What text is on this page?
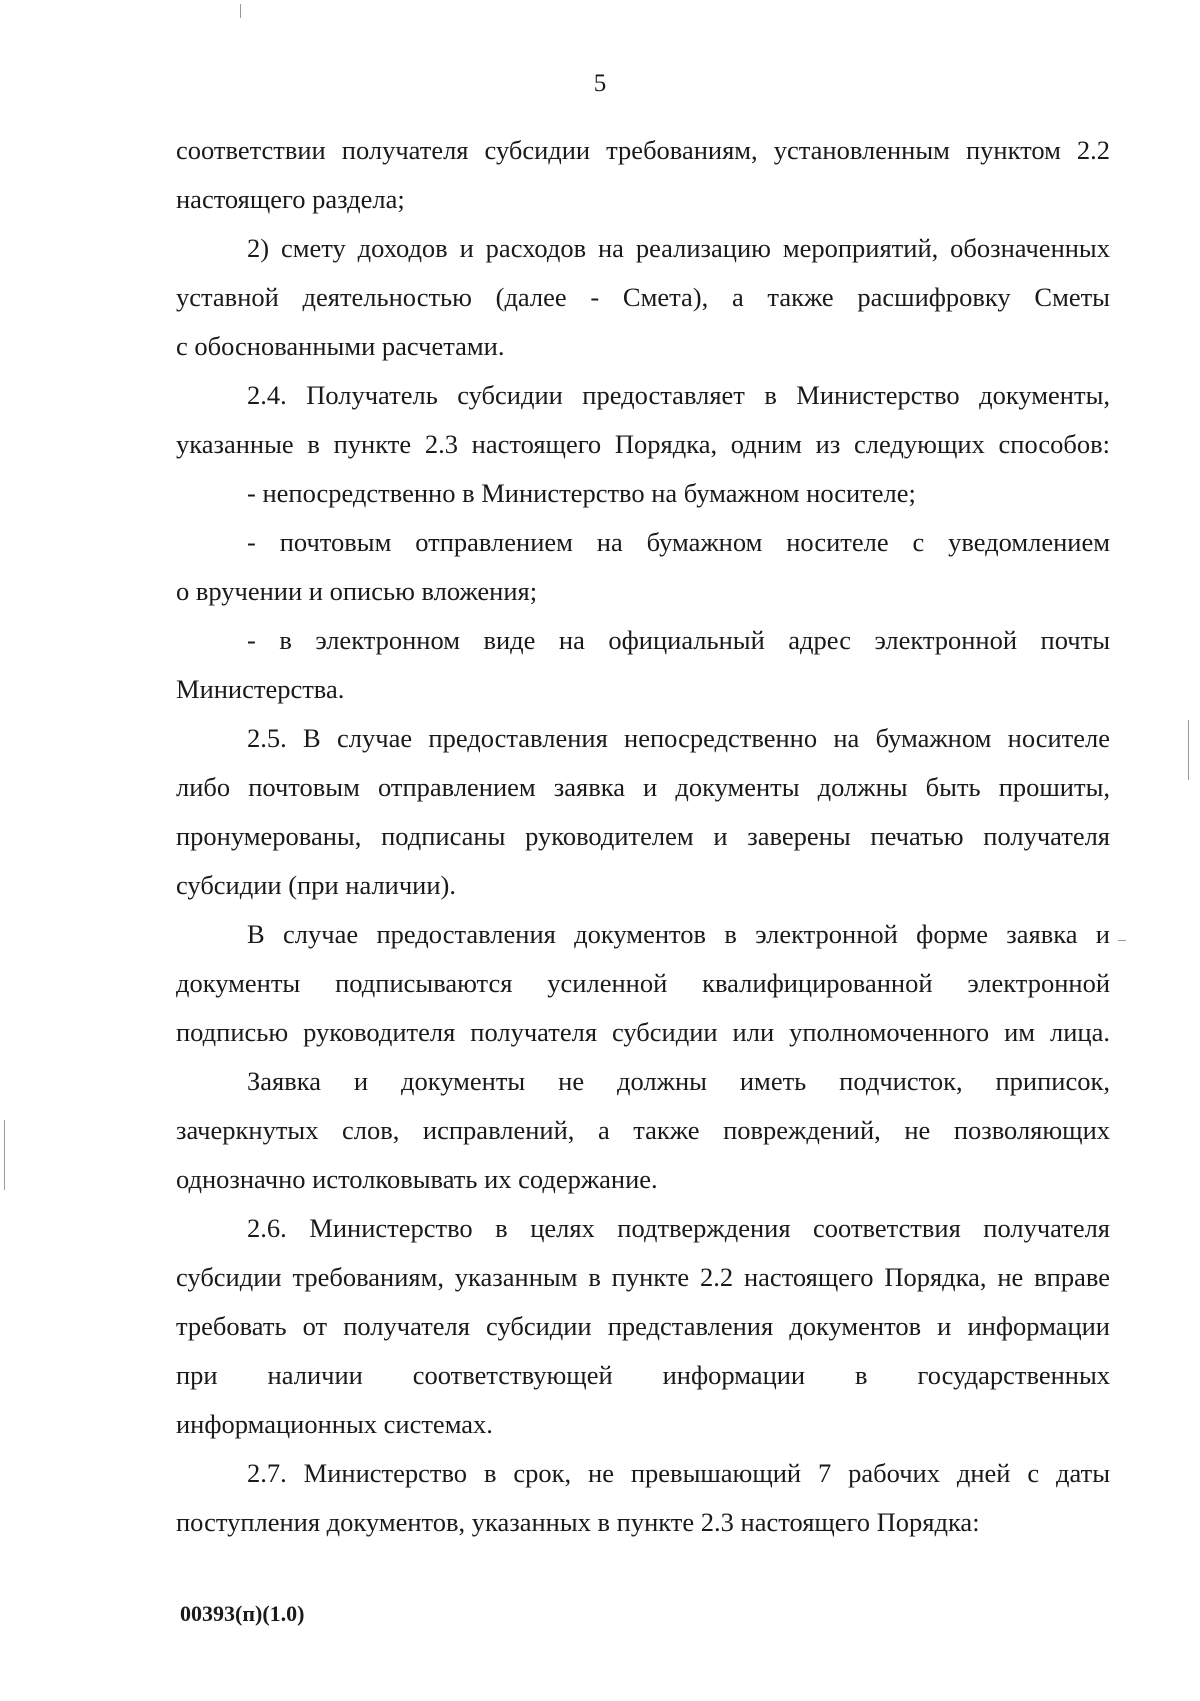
5
соответствии получателя субсидии требованиям, установленным пунктом 2.2
настоящего раздела;
2) смету доходов и расходов на реализацию мероприятий, обозначенных
уставной деятельностью (далее - Смета), а также расшифровку Сметы
с обоснованными расчетами.
2.4. Получатель субсидии предоставляет в Министерство документы,
указанные в пункте 2.3 настоящего Порядка, одним из следующих способов:
- непосредственно в Министерство на бумажном носителе;
- почтовым отправлением на бумажном носителе с уведомлением
о вручении и описью вложения;
- в электронном виде на официальный адрес электронной почты
Министерства.
2.5. В случае предоставления непосредственно на бумажном носителе
либо почтовым отправлением заявка и документы должны быть прошиты,
пронумерованы, подписаны руководителем и заверены печатью получателя
субсидии (при наличии).
В случае предоставления документов в электронной форме заявка и
документы подписываются усиленной квалифицированной электронной
подписью руководителя получателя субсидии или уполномоченного им лица.
Заявка и документы не должны иметь подчисток, приписок,
зачеркнутых слов, исправлений, а также повреждений, не позволяющих
однозначно истолковывать их содержание.
2.6. Министерство в целях подтверждения соответствия получателя
субсидии требованиям, указанным в пункте 2.2 настоящего Порядка, не вправе
требовать от получателя субсидии представления документов и информации
при наличии соответствующей информации в государственных
информационных системах.
2.7. Министерство в срок, не превышающий 7 рабочих дней с даты
поступления документов, указанных в пункте 2.3 настоящего Порядка:
00393(п)(1.0)
